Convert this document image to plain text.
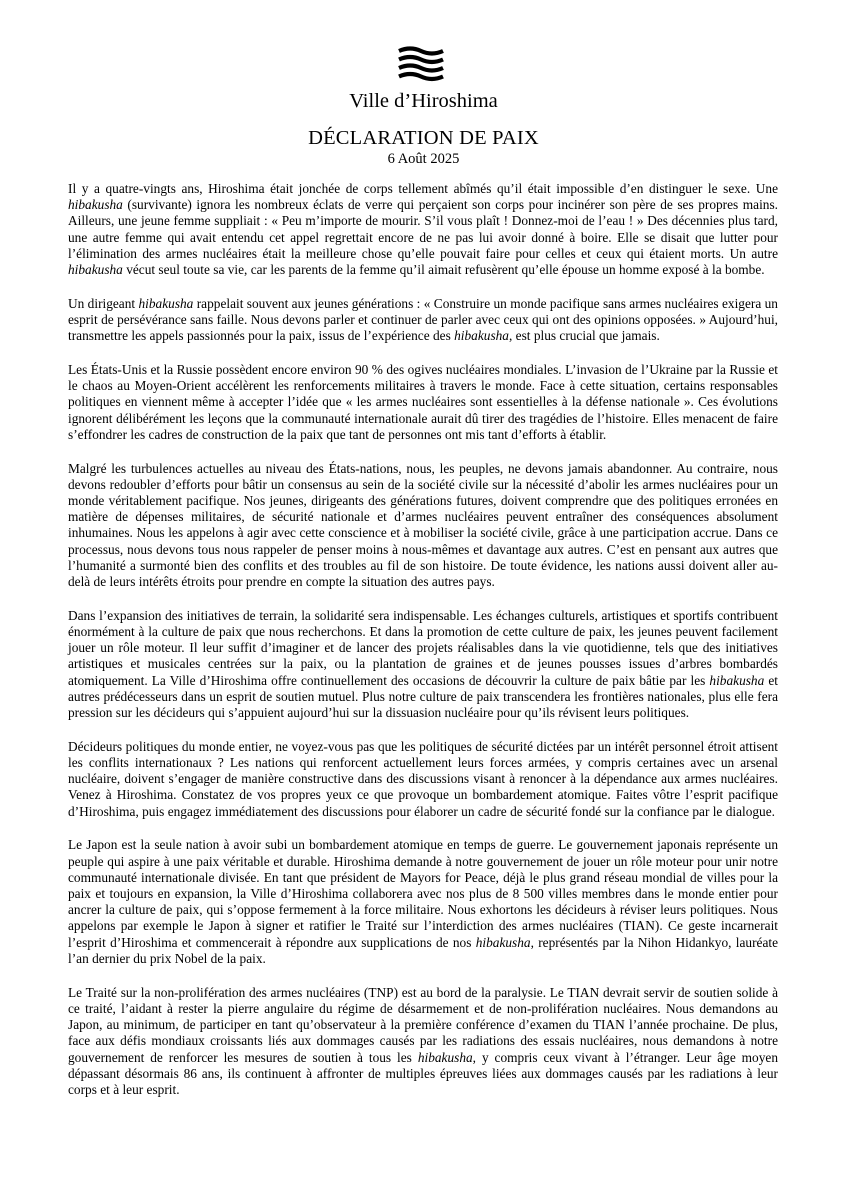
Ville d’Hiroshima
DÉCLARATION DE PAIX
6 Août 2025

Il y a quatre-vingts ans, Hiroshima était jonchée de corps tellement abîmés qu’il était impossible d’en distinguer le sexe. Une hibakusha (survivante) ignora les nombreux éclats de verre qui perçaient son corps pour incinérer son père de ses propres mains. Ailleurs, une jeune femme suppliait : « Peu m’importe de mourir. S’il vous plaît ! Donnez-moi de l’eau ! » Des décennies plus tard, une autre femme qui avait entendu cet appel regrettait encore de ne pas lui avoir donné à boire. Elle se disait que lutter pour l’élimination des armes nucléaires était la meilleure chose qu’elle pouvait faire pour celles et ceux qui étaient morts. Un autre hibakusha vécut seul toute sa vie, car les parents de la femme qu’il aimait refusèrent qu’elle épouse un homme exposé à la bombe.

Un dirigeant hibakusha rappelait souvent aux jeunes générations : « Construire un monde pacifique sans armes nucléaires exigera un esprit de persévérance sans faille. Nous devons parler et continuer de parler avec ceux qui ont des opinions opposées. » Aujourd’hui, transmettre les appels passionnés pour la paix, issus de l’expérience des hibakusha, est plus crucial que jamais.

Les États-Unis et la Russie possèdent encore environ 90 % des ogives nucléaires mondiales. L’invasion de l’Ukraine par la Russie et le chaos au Moyen-Orient accélèrent les renforcements militaires à travers le monde. Face à cette situation, certains responsables politiques en viennent même à accepter l’idée que « les armes nucléaires sont essentielles à la défense nationale ». Ces évolutions ignorent délibérément les leçons que la communauté internationale aurait dû tirer des tragédies de l’histoire. Elles menacent de faire s’effondrer les cadres de construction de la paix que tant de personnes ont mis tant d’efforts à établir.

Malgré les turbulences actuelles au niveau des États-nations, nous, les peuples, ne devons jamais abandonner. Au contraire, nous devons redoubler d’efforts pour bâtir un consensus au sein de la société civile sur la nécessité d’abolir les armes nucléaires pour un monde véritablement pacifique. Nos jeunes, dirigeants des générations futures, doivent comprendre que des politiques erronées en matière de dépenses militaires, de sécurité nationale et d’armes nucléaires peuvent entraîner des conséquences absolument inhumaines. Nous les appelons à agir avec cette conscience et à mobiliser la société civile, grâce à une participation accrue. Dans ce processus, nous devons tous nous rappeler de penser moins à nous-mêmes et davantage aux autres. C’est en pensant aux autres que l’humanité a surmonté bien des conflits et des troubles au fil de son histoire. De toute évidence, les nations aussi doivent aller au-delà de leurs intérêts étroits pour prendre en compte la situation des autres pays.

Dans l’expansion des initiatives de terrain, la solidarité sera indispensable. Les échanges culturels, artistiques et sportifs contribuent énormément à la culture de paix que nous recherchons. Et dans la promotion de cette culture de paix, les jeunes peuvent facilement jouer un rôle moteur. Il leur suffit d’imaginer et de lancer des projets réalisables dans la vie quotidienne, tels que des initiatives artistiques et musicales centrées sur la paix, ou la plantation de graines et de jeunes pousses issues d’arbres bombardés atomiquement. La Ville d’Hiroshima offre continuellement des occasions de découvrir la culture de paix bâtie par les hibakusha et autres prédécesseurs dans un esprit de soutien mutuel. Plus notre culture de paix transcendera les frontières nationales, plus elle fera pression sur les décideurs qui s’appuient aujourd’hui sur la dissuasion nucléaire pour qu’ils révisent leurs politiques.

Décideurs politiques du monde entier, ne voyez-vous pas que les politiques de sécurité dictées par un intérêt personnel étroit attisent les conflits internationaux ? Les nations qui renforcent actuellement leurs forces armées, y compris certaines avec un arsenal nucléaire, doivent s’engager de manière constructive dans des discussions visant à renoncer à la dépendance aux armes nucléaires. Venez à Hiroshima. Constatez de vos propres yeux ce que provoque un bombardement atomique. Faites vôtre l’esprit pacifique d’Hiroshima, puis engagez immédiatement des discussions pour élaborer un cadre de sécurité fondé sur la confiance par le dialogue.

Le Japon est la seule nation à avoir subi un bombardement atomique en temps de guerre. Le gouvernement japonais représente un peuple qui aspire à une paix véritable et durable. Hiroshima demande à notre gouvernement de jouer un rôle moteur pour unir notre communauté internationale divisée. En tant que président de Mayors for Peace, déjà le plus grand réseau mondial de villes pour la paix et toujours en expansion, la Ville d’Hiroshima collaborera avec nos plus de 8 500 villes membres dans le monde entier pour ancrer la culture de paix, qui s’oppose fermement à la force militaire. Nous exhortons les décideurs à réviser leurs politiques. Nous appelons par exemple le Japon à signer et ratifier le Traité sur l’interdiction des armes nucléaires (TIAN). Ce geste incarnerait l’esprit d’Hiroshima et commencerait à répondre aux supplications de nos hibakusha, représentés par la Nihon Hidankyo, lauréate l’an dernier du prix Nobel de la paix.

Le Traité sur la non-prolifération des armes nucléaires (TNP) est au bord de la paralysie. Le TIAN devrait servir de soutien solide à ce traité, l’aidant à rester la pierre angulaire du régime de désarmement et de non-prolifération nucléaires. Nous demandons au Japon, au minimum, de participer en tant qu’observateur à la première conférence d’examen du TIAN l’année prochaine. De plus, face aux défis mondiaux croissants liés aux dommages causés par les radiations des essais nucléaires, nous demandons à notre gouvernement de renforcer les mesures de soutien à tous les hibakusha, y compris ceux vivant à l’étranger. Leur âge moyen dépassant désormais 86 ans, ils continuent à affronter de multiples épreuves liées aux dommages causés par les radiations à leur corps et à leur esprit.
